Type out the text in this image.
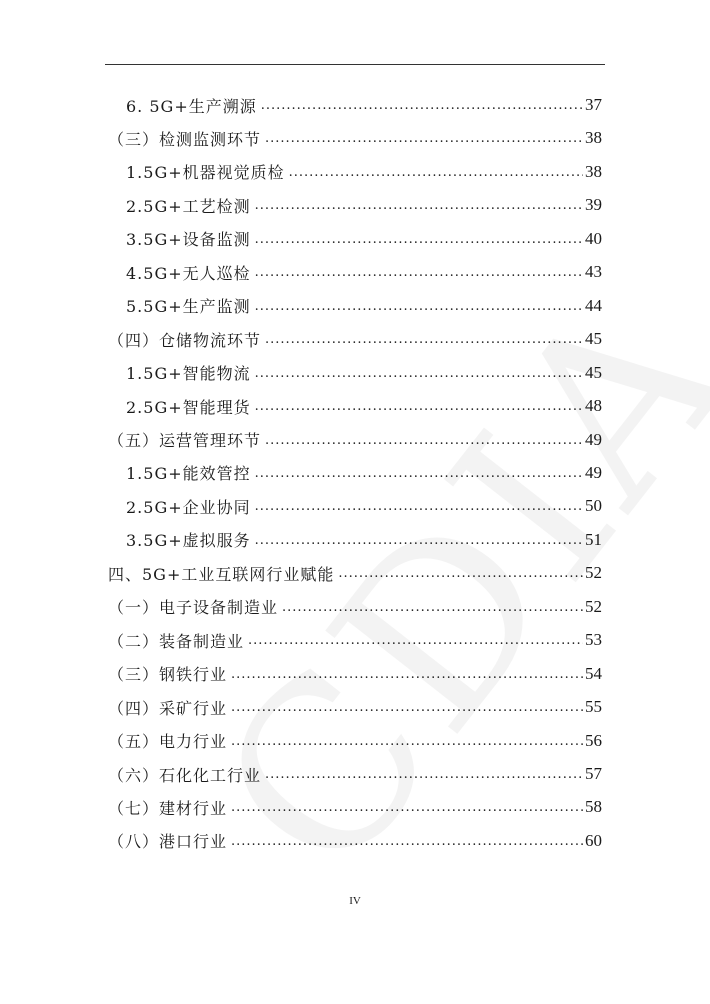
6. 5G+生产溯源 .....	37
（三）检测监测环节 .....	38
1.5G+机器视觉质检 .....	38
2.5G+工艺检测 .....	39
3.5G+设备监测 .....	40
4.5G+无人巡检 .....	43
5.5G+生产监测 .....	44
（四）仓储物流环节 .....	45
1.5G+智能物流 .....	45
2.5G+智能理货 .....	48
（五）运营管理环节 .....	49
1.5G+能效管控 .....	49
2.5G+企业协同 .....	50
3.5G+虚拟服务 .....	51
四、5G+工业互联网行业赋能 .....	52
（一）电子设备制造业 .....	52
（二）装备制造业 .....	53
（三）钢铁行业 .....	54
（四）采矿行业 .....	55
（五）电力行业 .....	56
（六）石化化工行业 .....	57
（七）建材行业 .....	58
（八）港口行业 .....	60
IV
